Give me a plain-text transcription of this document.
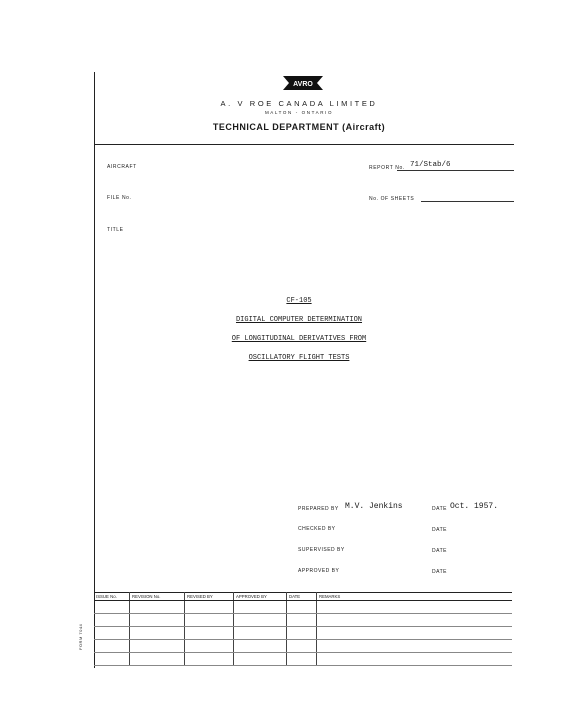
AVRO
A. V ROE CANADA LIMITED
MALTON - ONTARIO
TECHNICAL DEPARTMENT (Aircraft)
AIRCRAFT	REPORT No. 71/Stab/6
FILE No.	No. OF SHEETS
TITLE
CF-105
DIGITAL COMPUTER DETERMINATION
OF LONGITUDINAL DERIVATIVES FROM
OSCILLATORY FLIGHT TESTS
PREPARED BY M.V. Jenkins	DATE Oct. 1957.
CHECKED BY	DATE
SUPERVISED BY	DATE
APPROVED BY	DATE
ISSUE No.	REVISION No.	REVISED BY	APPROVED BY	DATE	REMARKS

FORM 7044
